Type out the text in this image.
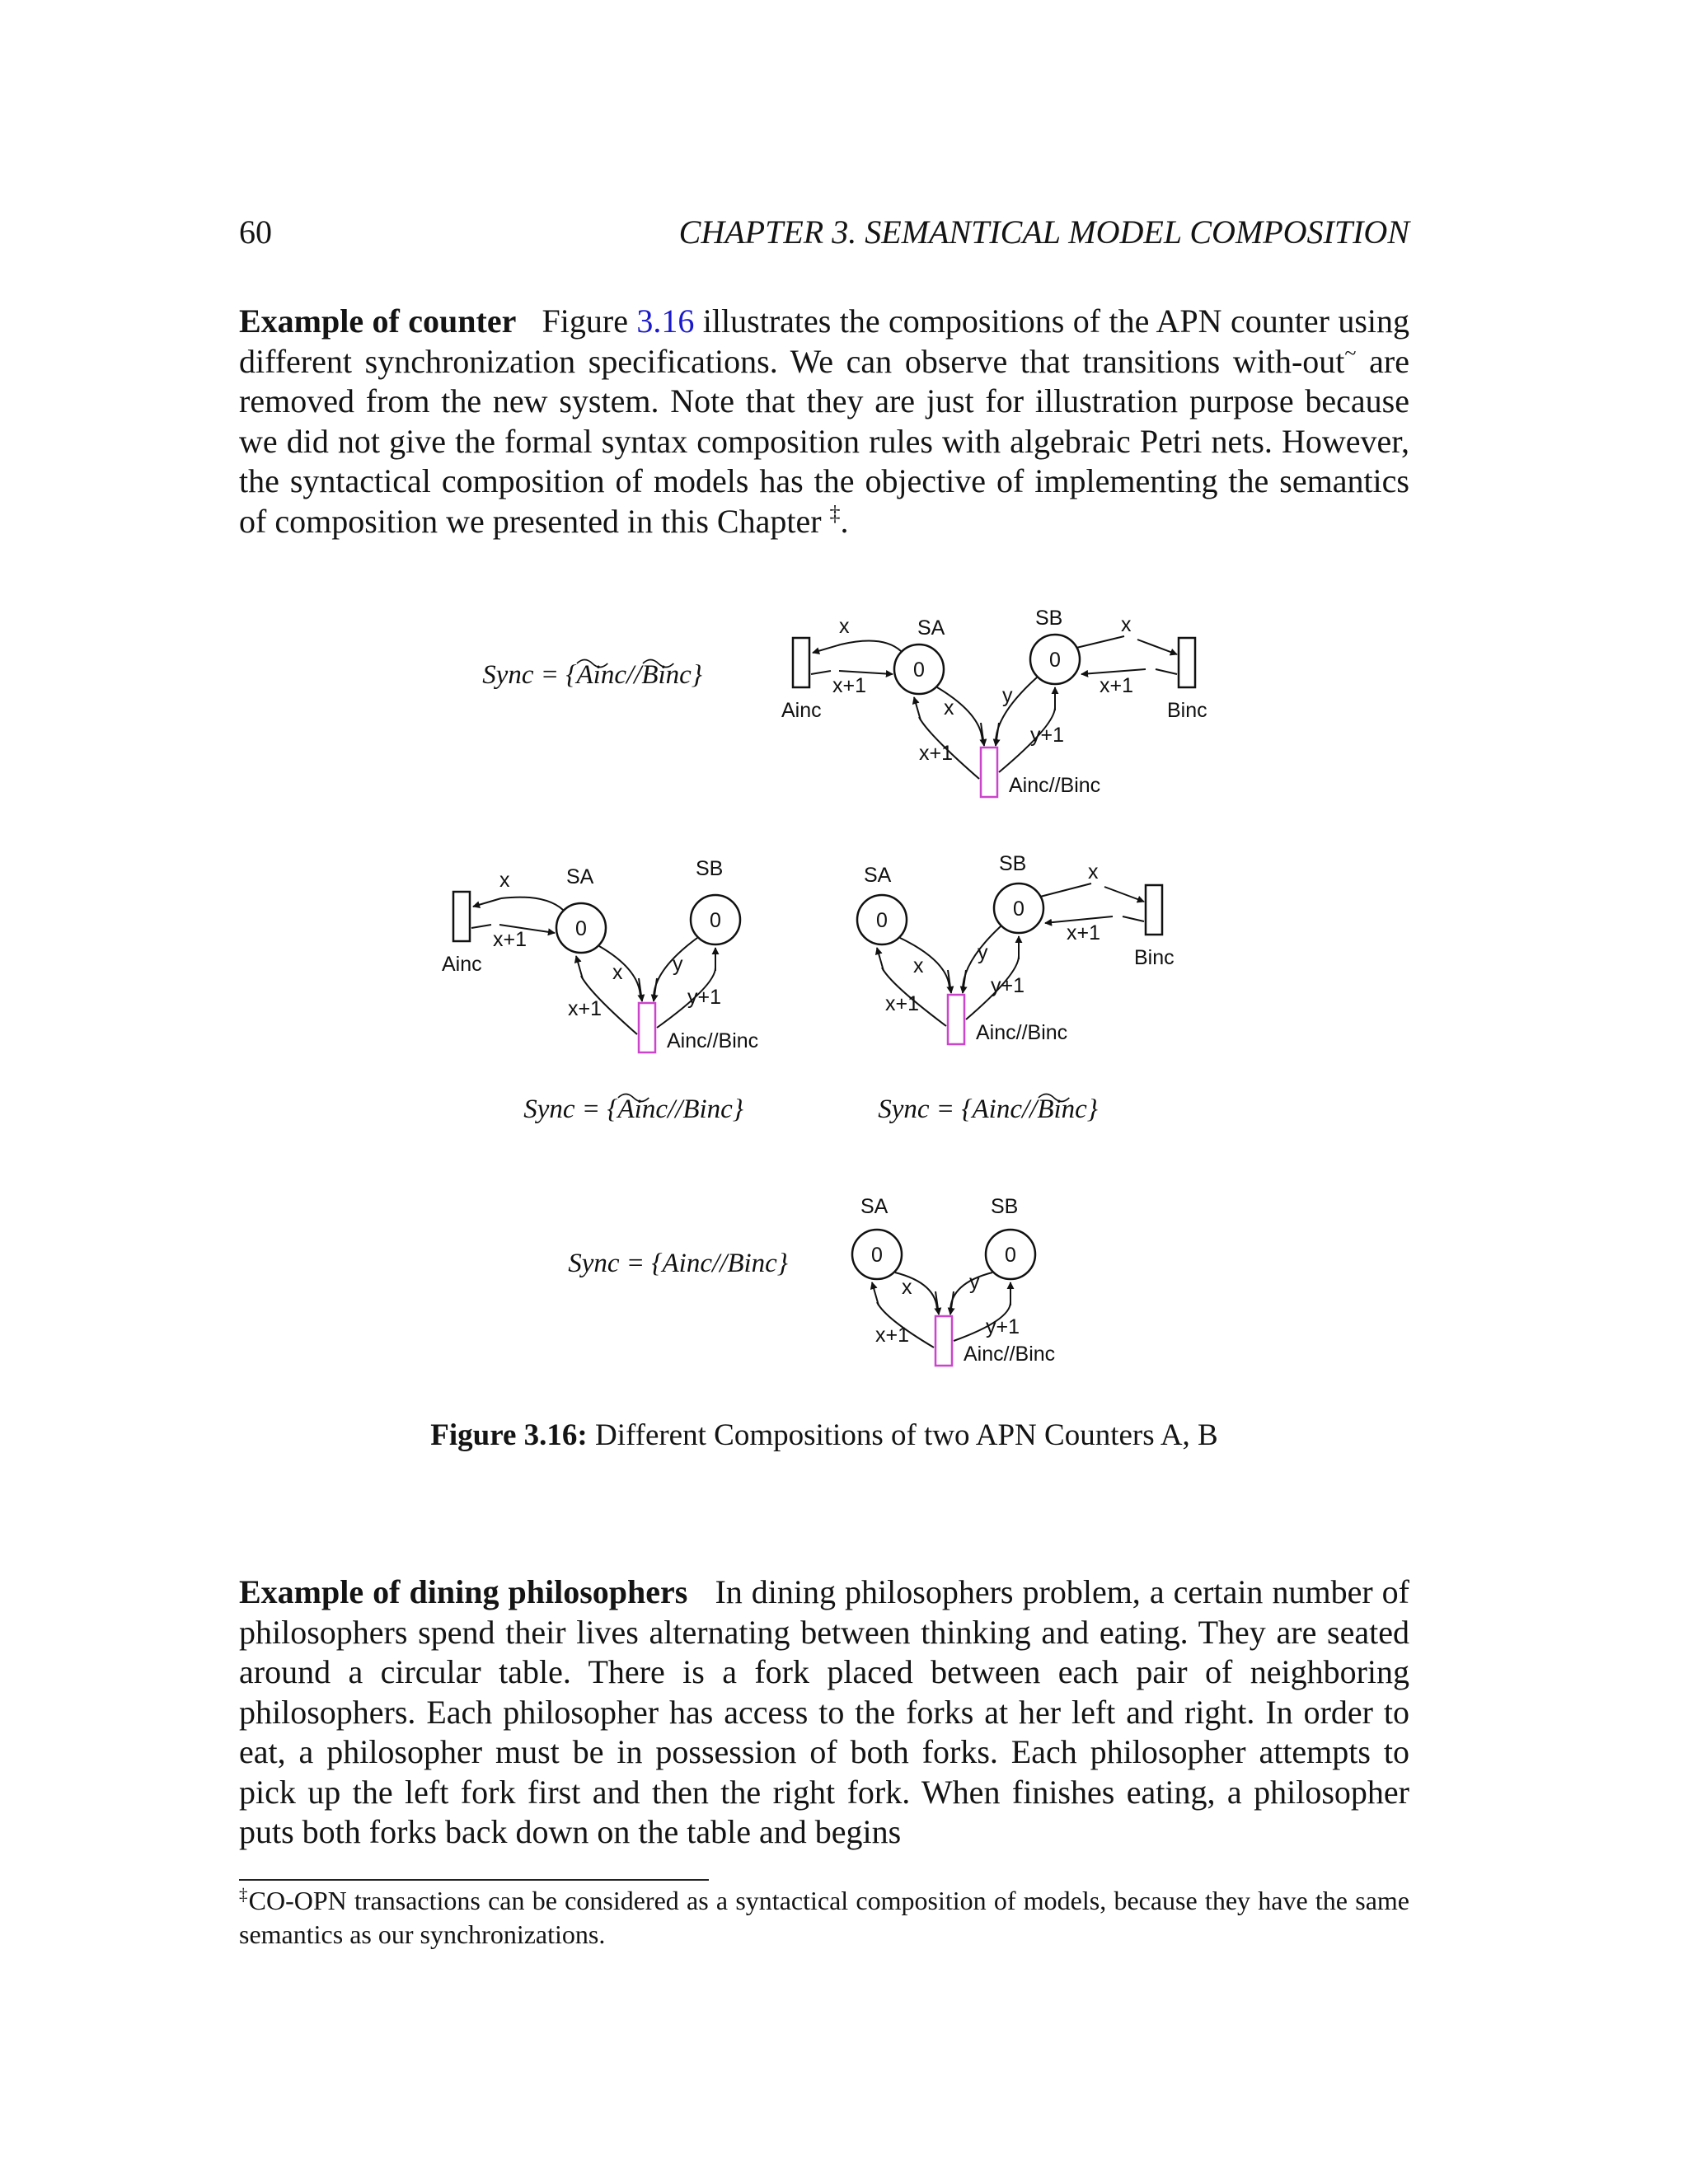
60	CHAPTER 3. SEMANTICAL MODEL COMPOSITION

Example of counter Figure 3.16 illustrates the compositions of the APN counter using different synchronization specifications. We can observe that transitions with-out~ are removed from the new system. Note that they are just for illustration purpose because we did not give the formal syntax composition rules with algebraic Petri nets. However, the syntactical composition of models has the objective of implementing the semantics of composition we presented in this Chapter ‡.

SA	SB
0	0
Ainc//Binc
x
x+1
y
y+1
Ainc
x
x+1
Binc
x
x+1
Sync = {Ainc//Binc}
SA	SB
0	0
Ainc//Binc
x
x+1
y
y+1
Ainc
x
x+1
Sync = {Ainc//Binc}
SA	SB
0	0
Ainc//Binc
x
x+1
y
y+1
Binc
x
x+1
Sync = {Ainc//Binc}
SA	SB
0	0
Ainc//Binc
x
x+1
y
y+1
Sync = {Ainc//Binc}
Figure 3.16: Different Compositions of two APN Counters A, B

Example of dining philosophers In dining philosophers problem, a certain number of philosophers spend their lives alternating between thinking and eating. They are seated around a circular table. There is a fork placed between each pair of neighboring philosophers. Each philosopher has access to the forks at her left and right. In order to eat, a philosopher must be in possession of both forks. Each philosopher attempts to pick up the left fork first and then the right fork. When finishes eating, a philosopher puts both forks back down on the table and begins

‡CO-OPN transactions can be considered as a syntactical composition of models, because they have the same semantics as our synchronizations.
